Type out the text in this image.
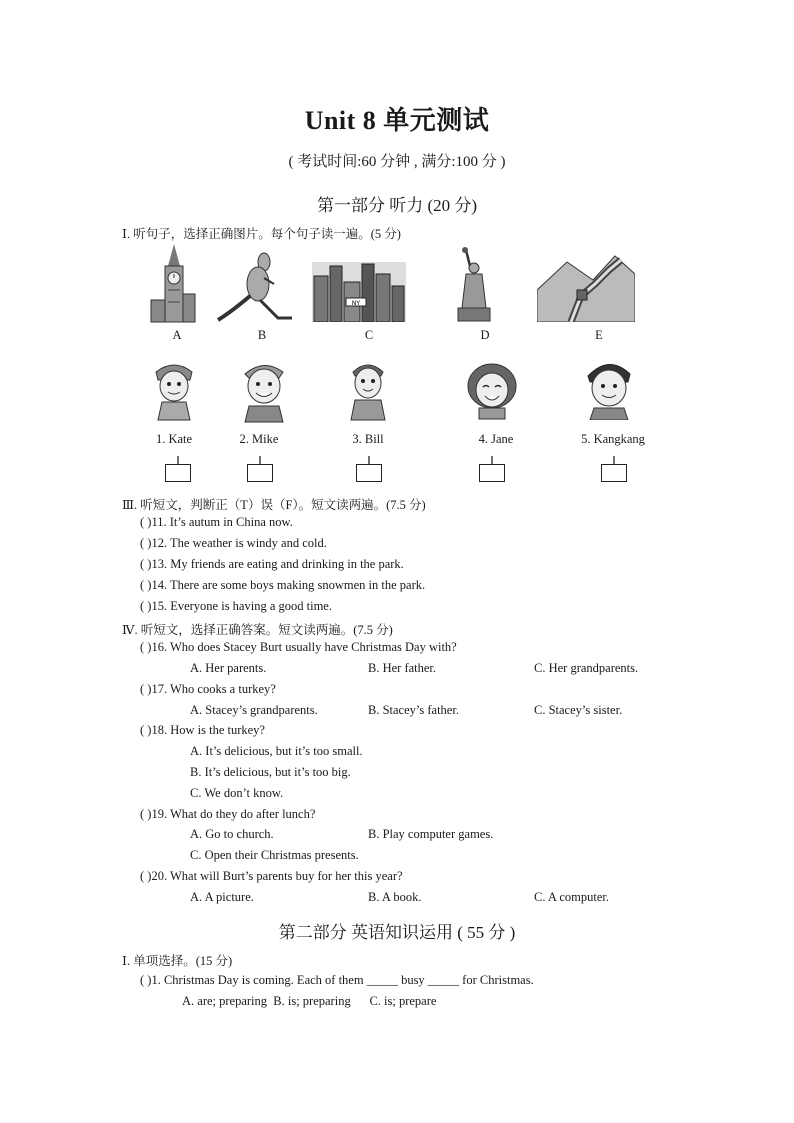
Unit 8 单元测试
( 考试时间:60 分钟 , 满分:100 分 )
第一部分 听力 (20 分)
Ⅰ. 听句子，选择正确图片。每个句子读一遍。(5 分)
NY
A	B	C	D	E
1. Kate	2. Mike	3. Bill	4. Jane	5. Kangkang
Ⅲ. 听短文，判断正（T）误（F）。短文读两遍。(7.5 分)
( )11. It’s autum in China now.
( )12. The weather is windy and cold.
( )13. My friends are eating and drinking in the park.
( )14. There are some boys making snowmen in the park.
( )15. Everyone is having a good time.
Ⅳ. 听短文，选择正确答案。短文读两遍。(7.5 分)
( )16. Who does Stacey Burt usually have Christmas Day with?
A. Her parents.	B. Her father.	C. Her grandparents.
( )17. Who cooks a turkey?
A. Stacey’s grandparents.	B. Stacey’s father.	C. Stacey’s sister.
( )18. How is the turkey?
A. It’s delicious, but it’s too small.
B. It’s delicious, but it’s too big.
C. We don’t know.
( )19. What do they do after lunch?
A. Go to church.	B. Play computer games.
C. Open their Christmas presents.
( )20. What will Burt’s parents buy for her this year?
A. A picture.	B. A book.	C. A computer.
第二部分 英语知识运用 ( 55 分 )
Ⅰ. 单项选择。(15 分)
( )1. Christmas Day is coming. Each of them _____ busy _____ for Christmas.
A. are; preparing  B. is; preparing      C. is; prepare
